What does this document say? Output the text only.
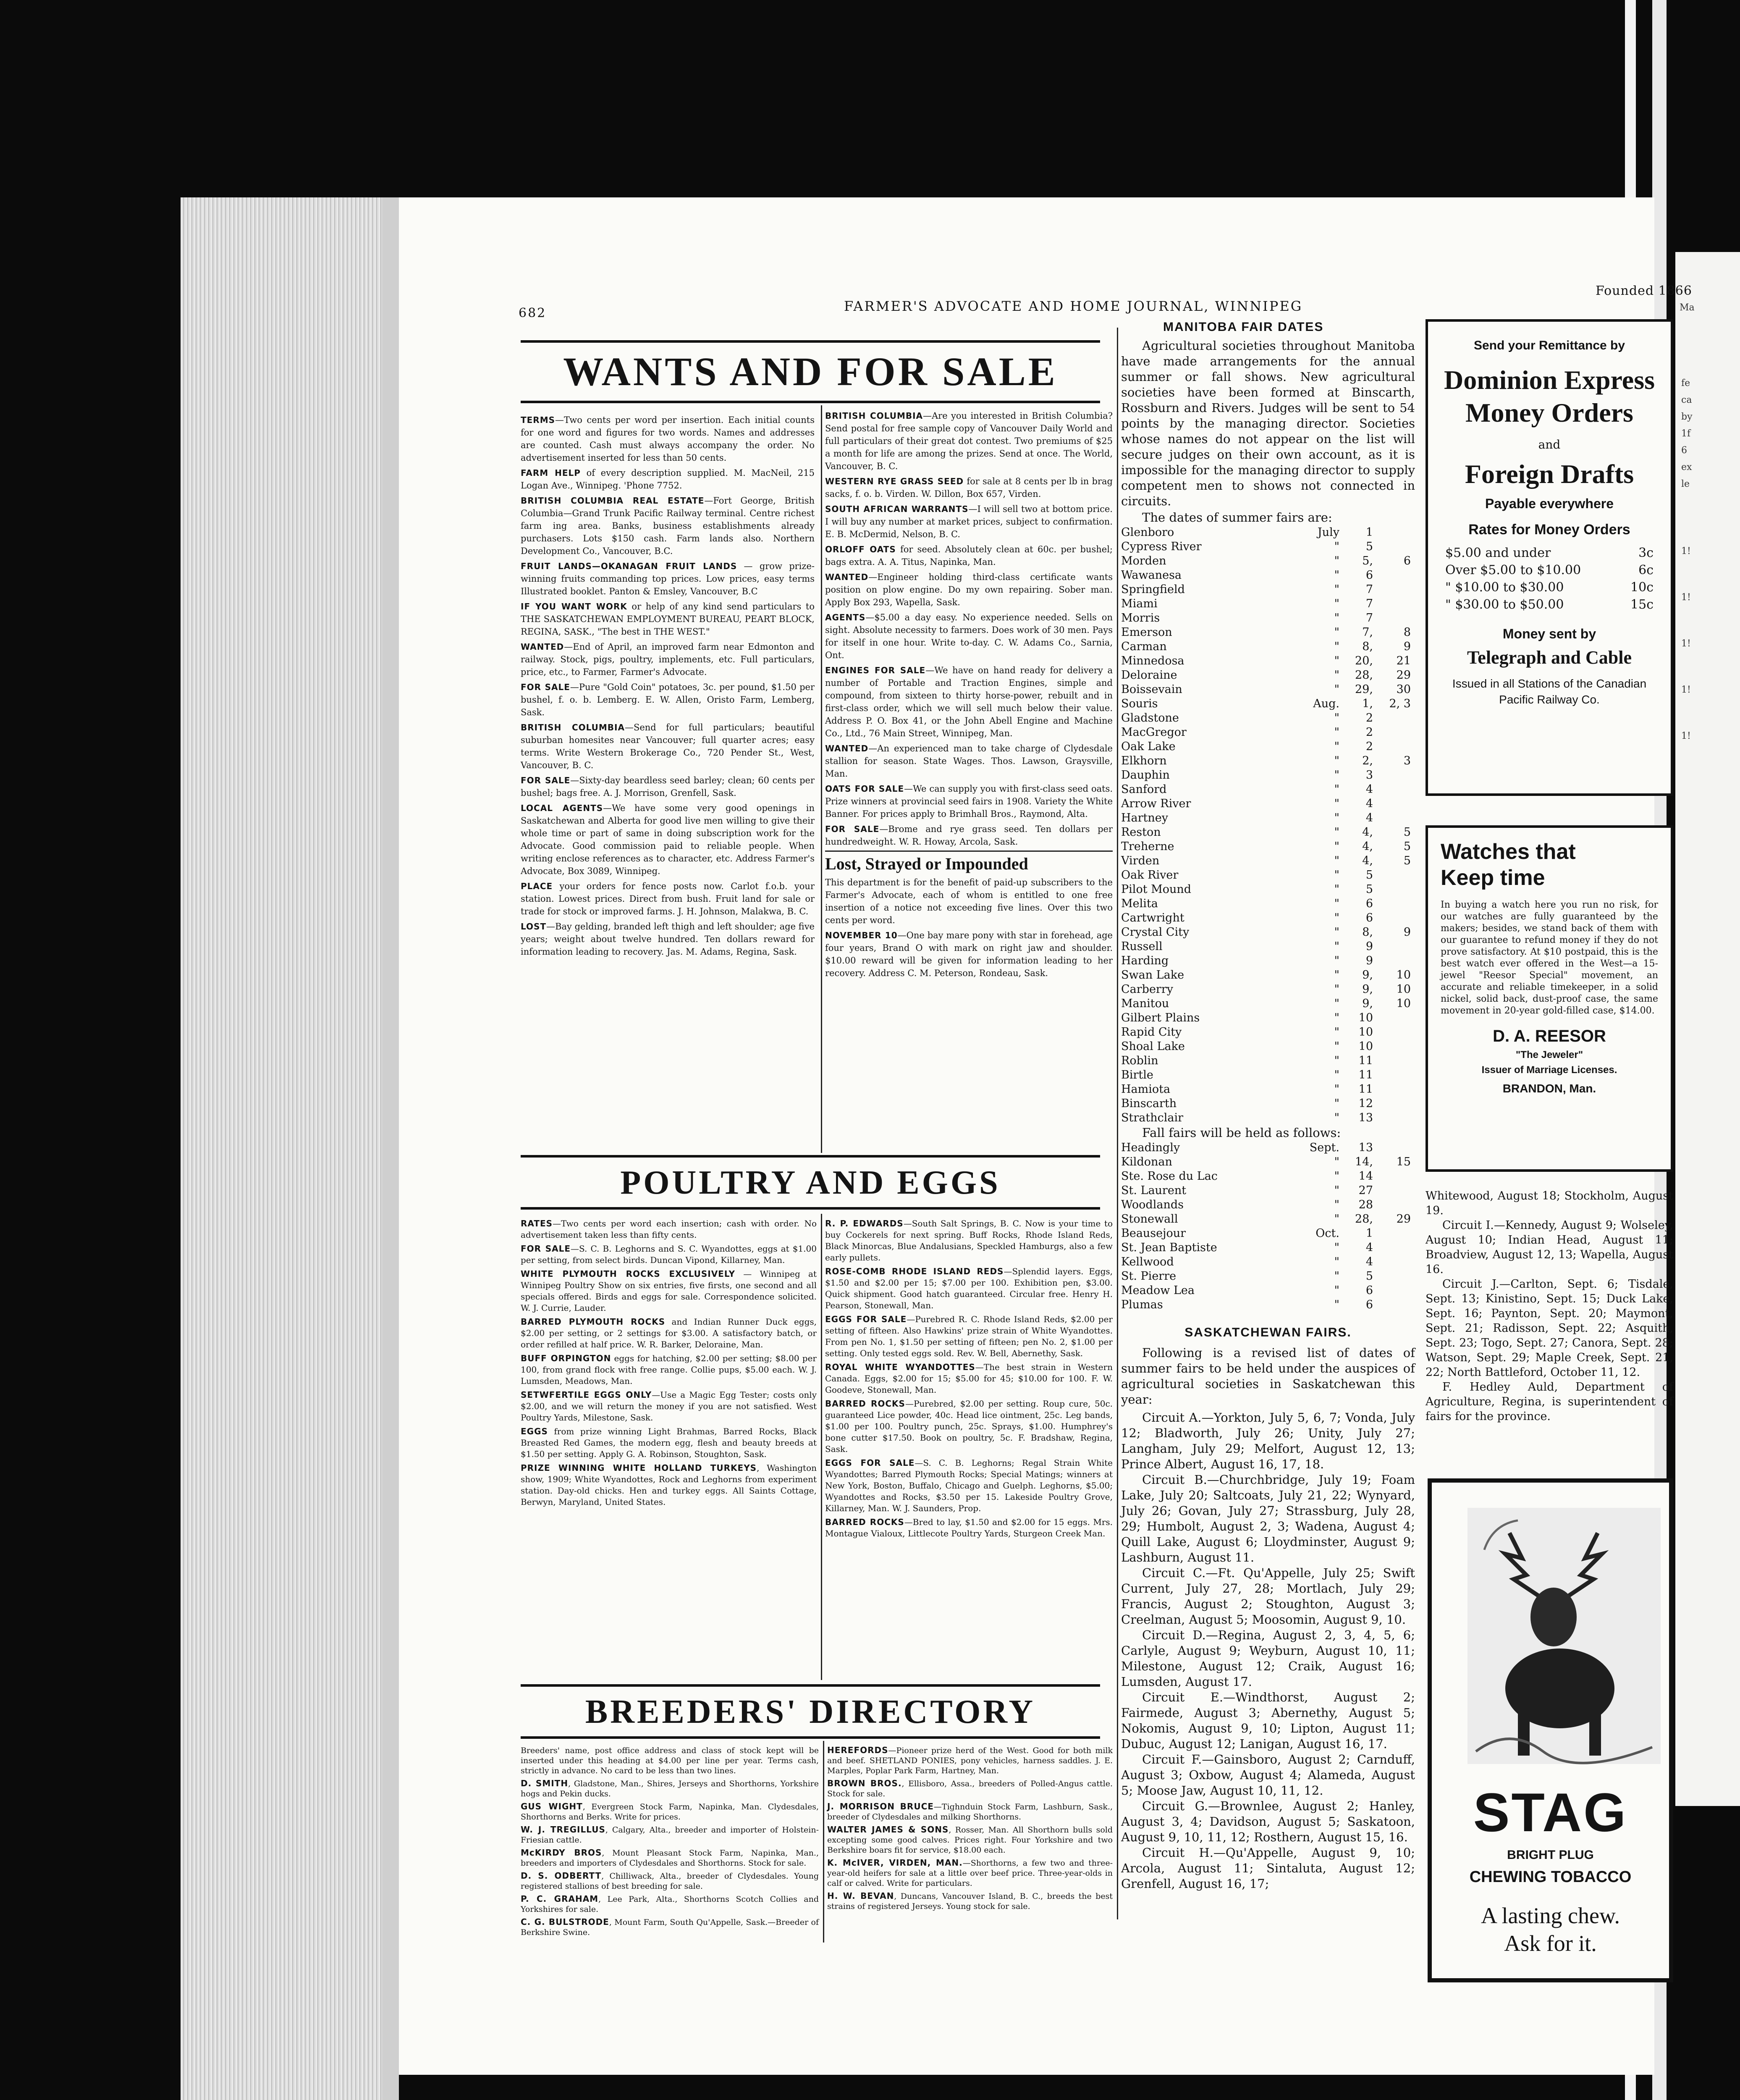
Ma
fe
ca
by
1f
6
ex
le
1!
1!
1!
1!
1!
682	FARMER'S ADVOCATE AND HOME JOURNAL, WINNIPEG
Founded 1866
WANTS AND FOR SALE

TERMS—Two cents per word per insertion. Each initial counts for one word and figures for two words. Names and addresses are counted. Cash must always accompany the order. No advertisement inserted for less than 50 cents.

FARM HELP of every description supplied. M. MacNeil, 215 Logan Ave., Winnipeg. 'Phone 7752.

BRITISH COLUMBIA REAL ESTATE—Fort George, British Columbia—Grand Trunk Pacific Railway terminal. Centre richest farm ing area. Banks, business establishments already purchasers. Lots $150 cash. Farm lands also. Northern Development Co., Vancouver, B.C.

FRUIT LANDS—OKANAGAN FRUIT LANDS — grow prize-winning fruits commanding top prices. Low prices, easy terms Illustrated booklet. Panton & Emsley, Vancouver, B.C

IF YOU WANT WORK or help of any kind send particulars to THE SASKATCHEWAN EMPLOYMENT BUREAU, PEART BLOCK, REGINA, SASK., "The best in THE WEST."

WANTED—End of April, an improved farm near Edmonton and railway. Stock, pigs, poultry, implements, etc. Full particulars, price, etc., to Farmer, Farmer's Advocate.

FOR SALE—Pure "Gold Coin" potatoes, 3c. per pound, $1.50 per bushel, f. o. b. Lemberg. E. W. Allen, Oristo Farm, Lemberg, Sask.

BRITISH COLUMBIA—Send for full particulars; beautiful suburban homesites near Vancouver; full quarter acres; easy terms. Write Western Brokerage Co., 720 Pender St., West, Vancouver, B. C.

FOR SALE—Sixty-day beardless seed barley; clean; 60 cents per bushel; bags free. A. J. Morrison, Grenfell, Sask.

LOCAL AGENTS—We have some very good openings in Saskatchewan and Alberta for good live men willing to give their whole time or part of same in doing subscription work for the Advocate. Good commission paid to reliable people. When writing enclose references as to character, etc. Address Farmer's Advocate, Box 3089, Winnipeg.

PLACE your orders for fence posts now. Carlot f.o.b. your station. Lowest prices. Direct from bush. Fruit land for sale or trade for stock or improved farms. J. H. Johnson, Malakwa, B. C.

LOST—Bay gelding, branded left thigh and left shoulder; age five years; weight about twelve hundred. Ten dollars reward for information leading to recovery. Jas. M. Adams, Regina, Sask.

BRITISH COLUMBIA—Are you interested in British Columbia? Send postal for free sample copy of Vancouver Daily World and full particulars of their great dot contest. Two premiums of $25 a month for life are among the prizes. Send at once. The World, Vancouver, B. C.

WESTERN RYE GRASS SEED for sale at 8 cents per lb in brag sacks, f. o. b. Virden. W. Dillon, Box 657, Virden.

SOUTH AFRICAN WARRANTS—I will sell two at bottom price. I will buy any number at market prices, subject to confirmation. E. B. McDermid, Nelson, B. C.

ORLOFF OATS for seed. Absolutely clean at 60c. per bushel; bags extra. A. A. Titus, Napinka, Man.

WANTED—Engineer holding third-class certificate wants position on plow engine. Do my own repairing. Sober man. Apply Box 293, Wapella, Sask.

AGENTS—$5.00 a day easy. No experience needed. Sells on sight. Absolute necessity to farmers. Does work of 30 men. Pays for itself in one hour. Write to-day. C. W. Adams Co., Sarnia, Ont.

ENGINES FOR SALE—We have on hand ready for delivery a number of Portable and Traction Engines, simple and compound, from sixteen to thirty horse-power, rebuilt and in first-class order, which we will sell much below their value. Address P. O. Box 41, or the John Abell Engine and Machine Co., Ltd., 76 Main Street, Winnipeg, Man.

WANTED—An experienced man to take charge of Clydesdale stallion for season. State Wages. Thos. Lawson, Graysville, Man.

OATS FOR SALE—We can supply you with first-class seed oats. Prize winners at provincial seed fairs in 1908. Variety the White Banner. For prices apply to Brimhall Bros., Raymond, Alta.

FOR SALE—Brome and rye grass seed. Ten dollars per hundredweight. W. R. Howay, Arcola, Sask.

Lost, Strayed or Impounded

This department is for the benefit of paid-up subscribers to the Farmer's Advocate, each of whom is entitled to one free insertion of a notice not exceeding five lines. Over this two cents per word.

NOVEMBER 10—One bay mare pony with star in forehead, age four years, Brand O with mark on right jaw and shoulder. $10.00 reward will be given for information leading to her recovery. Address C. M. Peterson, Rondeau, Sask.

POULTRY AND EGGS

RATES—Two cents per word each insertion; cash with order. No advertisement taken less than fifty cents.

FOR SALE—S. C. B. Leghorns and S. C. Wyandottes, eggs at $1.00 per setting, from select birds. Duncan Vipond, Killarney, Man.

WHITE PLYMOUTH ROCKS EXCLUSIVELY — Winnipeg at Winnipeg Poultry Show on six entries, five firsts, one second and all specials offered. Birds and eggs for sale. Correspondence solicited. W. J. Currie, Lauder.

BARRED PLYMOUTH ROCKS and Indian Runner Duck eggs, $2.00 per setting, or 2 settings for $3.00. A satisfactory batch, or order refilled at half price. W. R. Barker, Deloraine, Man.

BUFF ORPINGTON eggs for hatching, $2.00 per setting; $8.00 per 100, from grand flock with free range. Collie pups, $5.00 each. W. J. Lumsden, Meadows, Man.

SETWFERTILE EGGS ONLY—Use a Magic Egg Tester; costs only $2.00, and we will return the money if you are not satisfied. West Poultry Yards, Milestone, Sask.

EGGS from prize winning Light Brahmas, Barred Rocks, Black Breasted Red Games, the modern egg, flesh and beauty breeds at $1.50 per setting. Apply G. A. Robinson, Stoughton, Sask.

PRIZE WINNING WHITE HOLLAND TURKEYS, Washington show, 1909; White Wyandottes, Rock and Leghorns from experiment station. Day-old chicks. Hen and turkey eggs. All Saints Cottage, Berwyn, Maryland, United States.

R. P. EDWARDS—South Salt Springs, B. C. Now is your time to buy Cockerels for next spring. Buff Rocks, Rhode Island Reds, Black Minorcas, Blue Andalusians, Speckled Hamburgs, also a few early pullets.

ROSE-COMB RHODE ISLAND REDS—Splendid layers. Eggs, $1.50 and $2.00 per 15; $7.00 per 100. Exhibition pen, $3.00. Quick shipment. Good hatch guaranteed. Circular free. Henry H. Pearson, Stonewall, Man.

EGGS FOR SALE—Purebred R. C. Rhode Island Reds, $2.00 per setting of fifteen. Also Hawkins' prize strain of White Wyandottes. From pen No. 1, $1.50 per setting of fifteen; pen No. 2, $1.00 per setting. Only tested eggs sold. Rev. W. Bell, Abernethy, Sask.

ROYAL WHITE WYANDOTTES—The best strain in Western Canada. Eggs, $2.00 for 15; $5.00 for 45; $10.00 for 100. F. W. Goodeve, Stonewall, Man.

BARRED ROCKS—Purebred, $2.00 per setting. Roup cure, 50c. guaranteed Lice powder, 40c. Head lice ointment, 25c. Leg bands, $1.00 per 100. Poultry punch, 25c. Sprays, $1.00. Humphrey's bone cutter $17.50. Book on poultry, 5c. F. Bradshaw, Regina, Sask.

EGGS FOR SALE—S. C. B. Leghorns; Regal Strain White Wyandottes; Barred Plymouth Rocks; Special Matings; winners at New York, Boston, Buffalo, Chicago and Guelph. Leghorns, $5.00; Wyandottes and Rocks, $3.50 per 15. Lakeside Poultry Grove, Killarney, Man. W. J. Saunders, Prop.

BARRED ROCKS—Bred to lay, $1.50 and $2.00 for 15 eggs. Mrs. Montague Vialoux, Littlecote Poultry Yards, Sturgeon Creek Man.

BREEDERS' DIRECTORY

Breeders' name, post office address and class of stock kept will be inserted under this heading at $4.00 per line per year. Terms cash, strictly in advance. No card to be less than two lines.

D. SMITH, Gladstone, Man., Shires, Jerseys and Shorthorns, Yorkshire hogs and Pekin ducks.

GUS WIGHT, Evergreen Stock Farm, Napinka, Man. Clydesdales, Shorthorns and Berks. Write for prices.

W. J. TREGILLUS, Calgary, Alta., breeder and importer of Holstein-Friesian cattle.

McKIRDY BROS, Mount Pleasant Stock Farm, Napinka, Man., breeders and importers of Clydesdales and Shorthorns. Stock for sale.

D. S. ODBERTT, Chilliwack, Alta., breeder of Clydesdales. Young registered stallions of best breeding for sale.

P. C. GRAHAM, Lee Park, Alta., Shorthorns Scotch Collies and Yorkshires for sale.

C. G. BULSTRODE, Mount Farm, South Qu'Appelle, Sask.—Breeder of Berkshire Swine.

HEREFORDS—Pioneer prize herd of the West. Good for both milk and beef. SHETLAND PONIES, pony vehicles, harness saddles. J. E. Marples, Poplar Park Farm, Hartney, Man.

BROWN BROS., Ellisboro, Assa., breeders of Polled-Angus cattle. Stock for sale.

J. MORRISON BRUCE—Tighnduin Stock Farm, Lashburn, Sask., breeder of Clydesdales and milking Shorthorns.

WALTER JAMES & SONS, Rosser, Man. All Shorthorn bulls sold excepting some good calves. Prices right. Four Yorkshire and two Berkshire boars fit for service, $18.00 each.

K. McIVER, VIRDEN, MAN.—Shorthorns, a few two and three-year-old heifers for sale at a little over beef price. Three-year-olds in calf or calved. Write for particulars.

H. W. BEVAN, Duncans, Vancouver Island, B. C., breeds the best strains of registered Jerseys. Young stock for sale.

MANITOBA FAIR DATES

Agricultural societies throughout Manitoba have made arrangements for the annual summer or fall shows. New agricultural societies have been formed at Binscarth, Rossburn and Rivers. Judges will be sent to 54 points by the managing director. Societies whose names do not appear on the list will secure judges on their own account, as it is impossible for the managing director to supply competent men to shows not connected in circuits.

The dates of summer fairs are:

Glenboro	July	1	
Cypress River	"	5	
Morden	"	5,	6
Wawanesa	"	6	
Springfield	"	7	
Miami	"	7	
Morris	"	7	
Emerson	"	7,	8
Carman	"	8,	9
Minnedosa	"	20,	21
Deloraine	"	28,	29
Boissevain	"	29,	30
Souris	Aug.	1,	2, 3
Gladstone	"	2	
MacGregor	"	2	
Oak Lake	"	2	
Elkhorn	"	2,	3
Dauphin	"	3	
Sanford	"	4	
Arrow River	"	4	
Hartney	"	4	
Reston	"	4,	5
Treherne	"	4,	5
Virden	"	4,	5
Oak River	"	5	
Pilot Mound	"	5	
Melita	"	6	
Cartwright	"	6	
Crystal City	"	8,	9
Russell	"	9	
Harding	"	9	
Swan Lake	"	9,	10
Carberry	"	9,	10
Manitou	"	9,	10
Gilbert Plains	"	10	
Rapid City	"	10	
Shoal Lake	"	10	
Roblin	"	11	
Birtle	"	11	
Hamiota	"	11	
Binscarth	"	12	
Strathclair	"	13	

Fall fairs will be held as follows:

Headingly	Sept.	13	
Kildonan	"	14,	15
Ste. Rose du Lac	"	14	
St. Laurent	"	27	
Woodlands	"	28	
Stonewall	"	28,	29
Beausejour	Oct.	1	
St. Jean Baptiste	"	4	
Kellwood	"	4	
St. Pierre	"	5	
Meadow Lea	"	6	
Plumas	"	6	
SASKATCHEWAN FAIRS.

Following is a revised list of dates of summer fairs to be held under the auspices of agricultural societies in Saskatchewan this year:

Circuit A.—Yorkton, July 5, 6, 7; Vonda, July 12; Bladworth, July 26; Unity, July 27; Langham, July 29; Melfort, August 12, 13; Prince Albert, August 16, 17, 18.

Circuit B.—Churchbridge, July 19; Foam Lake, July 20; Saltcoats, July 21, 22; Wynyard, July 26; Govan, July 27; Strassburg, July 28, 29; Humbolt, August 2, 3; Wadena, August 4; Quill Lake, August 6; Lloydminster, August 9; Lashburn, August 11.

Circuit C.—Ft. Qu'Appelle, July 25; Swift Current, July 27, 28; Mortlach, July 29; Francis, August 2; Stoughton, August 3; Creelman, August 5; Moosomin, August 9, 10.

Circuit D.—Regina, August 2, 3, 4, 5, 6; Carlyle, August 9; Weyburn, August 10, 11; Milestone, August 12; Craik, August 16; Lumsden, August 17.

Circuit E.—Windthorst, August 2; Fairmede, August 3; Abernethy, August 5; Nokomis, August 9, 10; Lipton, August 11; Dubuc, August 12; Lanigan, August 16, 17.

Circuit F.—Gainsboro, August 2; Carnduff, August 3; Oxbow, August 4; Alameda, August 5; Moose Jaw, August 10, 11, 12.

Circuit G.—Brownlee, August 2; Hanley, August 3, 4; Davidson, August 5; Saskatoon, August 9, 10, 11, 12; Rosthern, August 15, 16.

Circuit H.—Qu'Appelle, August 9, 10; Arcola, August 11; Sintaluta, August 12; Grenfell, August 16, 17;

Send your Remittance by
Dominion Express
Money Orders
and
Foreign Drafts
Payable everywhere
Rates for Money Orders
$5.00 and under	3c
Over $5.00 to $10.00	6c
" $10.00 to $30.00	10c
" $30.00 to $50.00	15c
Money sent by
Telegraph and Cable
Issued in all Stations of the Canadian Pacific Railway Co.
Watches that
Keep time
In buying a watch here you run no risk, for our watches are fully guaranteed by the makers; besides, we stand back of them with our guarantee to refund money if they do not prove satisfactory. At $10 postpaid, this is the best watch ever offered in the West—a 15-jewel "Reesor Special" movement, an accurate and reliable timekeeper, in a solid nickel, solid back, dust-proof case, the same movement in 20-year gold-filled case, $14.00.
D. A. REESOR
"The Jeweler"
Issuer of Marriage Licenses.
BRANDON, Man.

Whitewood, August 18; Stockholm, August 19.

Circuit I.—Kennedy, August 9; Wolseley, August 10; Indian Head, August 11; Broadview, August 12, 13; Wapella, August 16.

Circuit J.—Carlton, Sept. 6; Tisdale, Sept. 13; Kinistino, Sept. 15; Duck Lake, Sept. 16; Paynton, Sept. 20; Maymont, Sept. 21; Radisson, Sept. 22; Asquith, Sept. 23; Togo, Sept. 27; Canora, Sept. 28; Watson, Sept. 29; Maple Creek, Sept. 21, 22; North Battleford, October 11, 12.

F. Hedley Auld, Department of Agriculture, Regina, is superintendent of fairs for the province.

STAG
BRIGHT PLUG
CHEWING TOBACCO
A lasting chew.
Ask for it.
